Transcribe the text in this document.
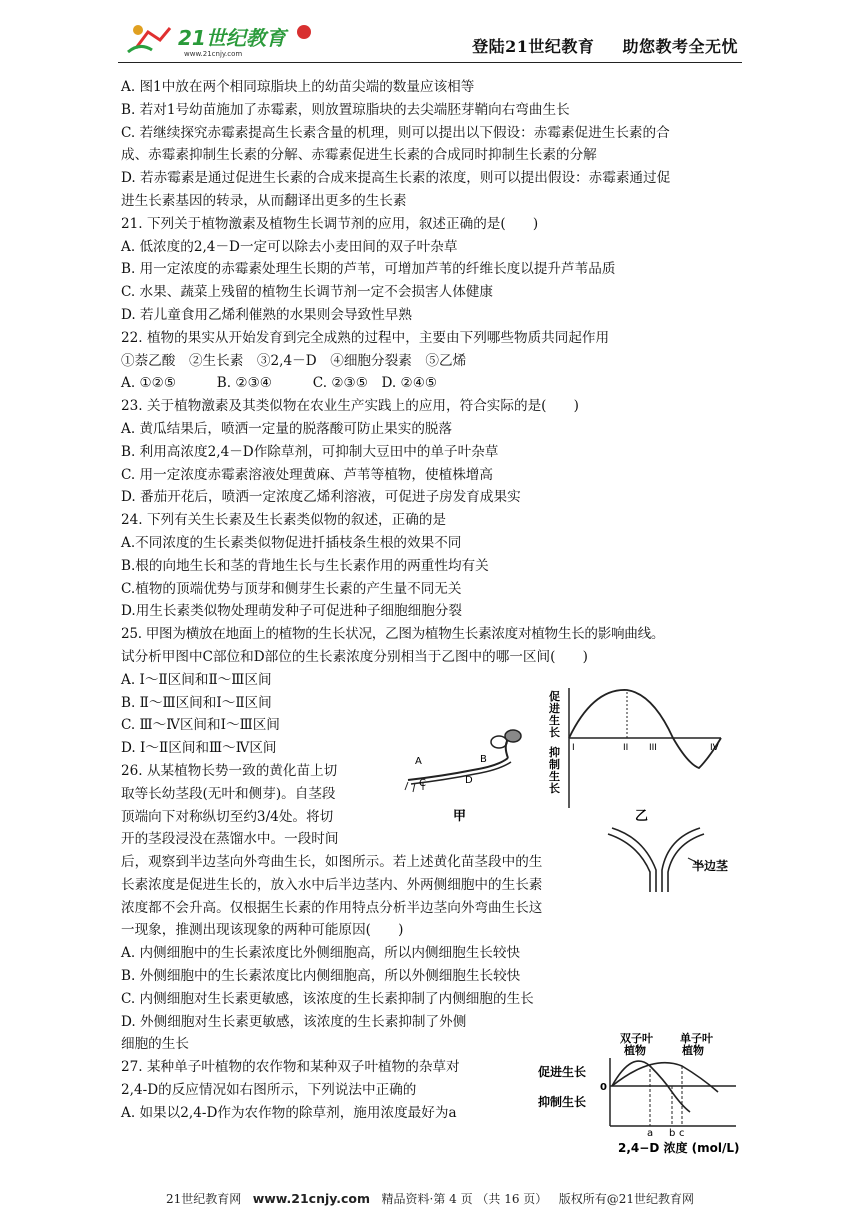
21世纪教育
www.21cnjy.com	登陆21世纪教育 助您教考全无忧
A. 图1中放在两个相同琼脂块上的幼苗尖端的数量应该相等
B. 若对1号幼苗施加了赤霉素，则放置琼脂块的去尖端胚芽鞘向右弯曲生长
C. 若继续探究赤霉素提高生长素含量的机理，则可以提出以下假设：赤霉素促进生长素的合
成、赤霉素抑制生长素的分解、赤霉素促进生长素的合成同时抑制生长素的分解
D. 若赤霉素是通过促进生长素的合成来提高生长素的浓度，则可以提出假设：赤霉素通过促
进生长素基因的转录，从而翻译出更多的生长素
21. 下列关于植物激素及植物生长调节剂的应用，叙述正确的是(　　)
A. 低浓度的2,4－D一定可以除去小麦田间的双子叶杂草
B. 用一定浓度的赤霉素处理生长期的芦苇，可增加芦苇的纤维长度以提升芦苇品质
C. 水果、蔬菜上残留的植物生长调节剂一定不会损害人体健康
D. 若儿童食用乙烯利催熟的水果则会导致性早熟
22. 植物的果实从开始发育到完全成熟的过程中，主要由下列哪些物质共同起作用
①萘乙酸　②生长素　③2,4－D　④细胞分裂素　⑤乙烯
A. ①②⑤　　　B. ②③④　　　C. ②③⑤　D. ②④⑤
23. 关于植物激素及其类似物在农业生产实践上的应用，符合实际的是(　　)
A. 黄瓜结果后，喷洒一定量的脱落酸可防止果实的脱落
B. 利用高浓度2,4－D作除草剂，可抑制大豆田中的单子叶杂草
C. 用一定浓度赤霉素溶液处理黄麻、芦苇等植物，使植株增高
D. 番茄开花后，喷洒一定浓度乙烯利溶液，可促进子房发育成果实
24. 下列有关生长素及生长素类似物的叙述，正确的是
A.不同浓度的生长素类似物促进扦插枝条生根的效果不同
B.根的向地生长和茎的背地生长与生长素作用的两重性均有关
C.植物的顶端优势与顶芽和侧芽生长素的产生量不同无关
D.用生长素类似物处理萌发种子可促进种子细胞细胞分裂
25. 甲图为横放在地面上的植物的生长状况，乙图为植物生长素浓度对植物生长的影响曲线。
试分析甲图中C部位和D部位的生长素浓度分别相当于乙图中的哪一区间(　　)
A. Ⅰ～Ⅱ区间和Ⅱ～Ⅲ区间
B. Ⅱ～Ⅲ区间和Ⅰ～Ⅱ区间
C. Ⅲ～Ⅳ区间和Ⅰ～Ⅲ区间
D. Ⅰ～Ⅱ区间和Ⅲ～Ⅳ区间
26. 从某植物长势一致的黄化苗上切
取等长幼茎段(无叶和侧芽)。自茎段
顶端向下对称纵切至约3/4处。将切
开的茎段浸没在蒸馏水中。一段时间
后，观察到半边茎向外弯曲生长，如图所示。若上述黄化苗茎段中的生
长素浓度是促进生长的，放入水中后半边茎内、外两侧细胞中的生长素
浓度都不会升高。仅根据生长素的作用特点分析半边茎向外弯曲生长这
一现象，推测出现该现象的两种可能原因(　　)
A. 内侧细胞中的生长素浓度比外侧细胞高，所以内侧细胞生长较快
B. 外侧细胞中的生长素浓度比内侧细胞高，所以外侧细胞生长较快
C. 内侧细胞对生长素更敏感，该浓度的生长素抑制了内侧细胞的生长
D. 外侧细胞对生长素更敏感，该浓度的生长素抑制了外侧
细胞的生长
27. 某种单子叶植物的农作物和某种双子叶植物的杂草对
2,4-D的反应情况如右图所示，下列说法中正确的
A. 如果以2,4-D作为农作物的除草剂，施用浓度最好为a
A
C
B
D
甲
促
进
生
长
抑
制
生
长
I	II III	IV
乙
半边茎
双子叶
植物
单子叶
植物
促进生长
0
抑制生长
a b c
2,4−D 浓度 (mol/L)
21世纪教育网 www.21cnjy.com 精品资料·第 4 页 （共 16 页） 版权所有@21世纪教育网
